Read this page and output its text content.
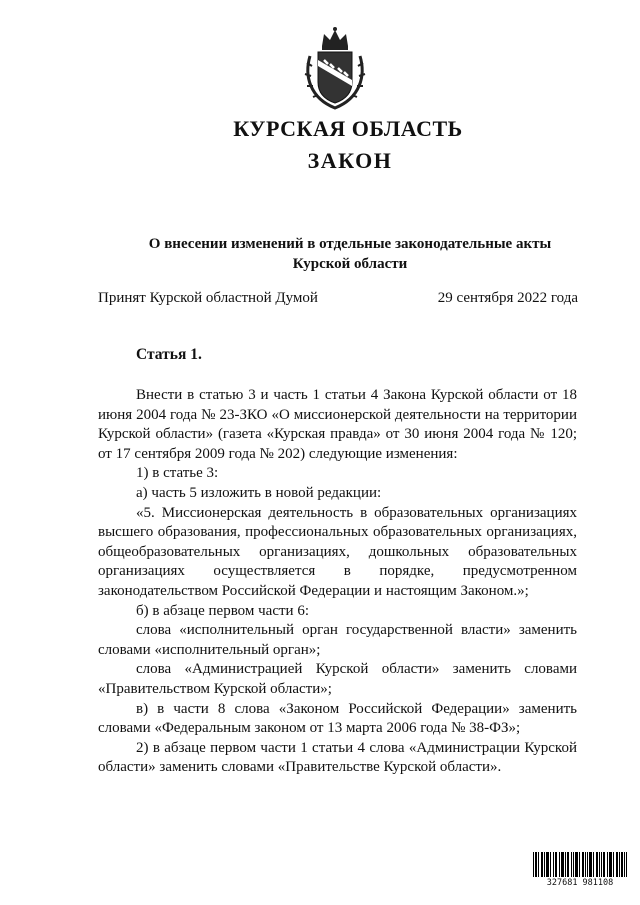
КУРСКАЯ ОБЛАСТЬ
ЗАКОН
О внесении изменений в отдельные законодательные акты
Курской области
Принят Курской областной Думой	29 сентября 2022 года
Статья 1.

Внести в статью 3 и часть 1 статьи 4 Закона Курской области от 18 июня 2004 года № 23-ЗКО «О миссионерской деятельности на территории Курской области» (газета «Курская правда» от 30 июня 2004 года № 120; от 17 сентября 2009 года № 202) следующие изменения:

1) в статье 3:

а) часть 5 изложить в новой редакции:

«5. Миссионерская деятельность в образовательных организациях высшего образования, профессиональных образовательных организациях, общеобразовательных организациях, дошкольных образовательных организациях осуществляется в порядке, предусмотренном законодательством Российской Федерации и настоящим Законом.»;

б) в абзаце первом части 6:

слова «исполнительный орган государственной власти» заменить словами «исполнительный орган»;

слова «Администрацией Курской области» заменить словами «Правительством Курской области»;

в) в части 8 слова «Законом Российской Федерации» заменить словами «Федеральным законом от 13 марта 2006 года № 38-ФЗ»;

2) в абзаце первом части 1 статьи 4 слова «Администрации Курской области» заменить словами «Правительстве Курской области».

327681 981108
